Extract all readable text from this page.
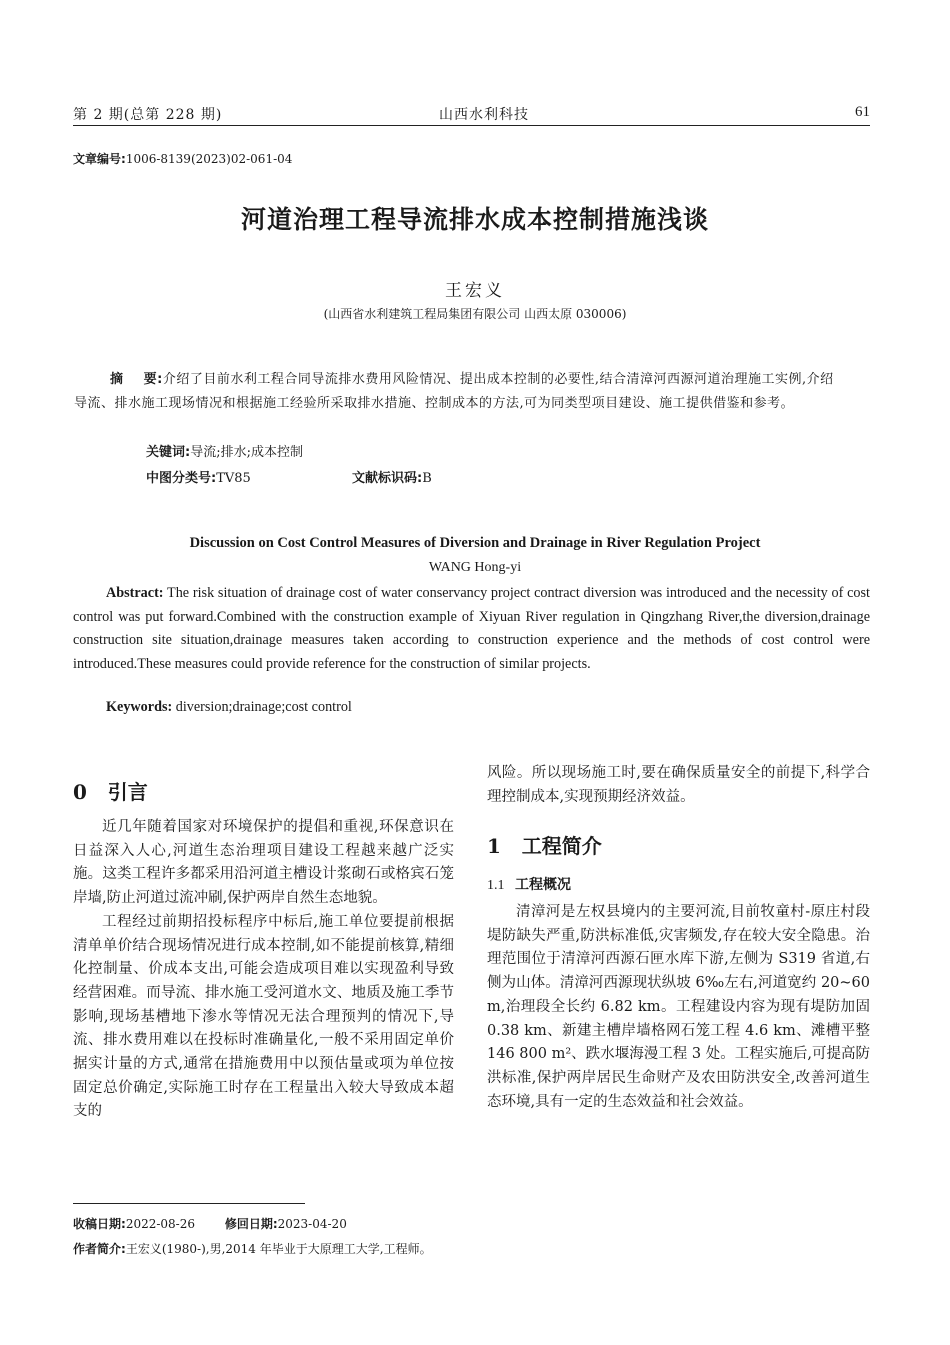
第 2 期(总第 228 期)	山西水利科技	61
文章编号:1006-8139(2023)02-061-04
河道治理工程导流排水成本控制措施浅谈
王宏义
(山西省水利建筑工程局集团有限公司 山西太原 030006)
摘    要:介绍了目前水利工程合同导流排水费用风险情况、提出成本控制的必要性,结合清漳河西源河道治理施工实例,介绍导流、排水施工现场情况和根据施工经验所采取排水措施、控制成本的方法,可为同类型项目建设、施工提供借鉴和参考。
关键词:导流;排水;成本控制
中图分类号:TV85	文献标识码:B
Discussion on Cost Control Measures of Diversion and Drainage in River Regulation Project
WANG Hong-yi

Abstract: The risk situation of drainage cost of water conservancy project contract diversion was introduced and the necessity of cost control was put forward.Combined with the construction example of Xiyuan River regulation in Qingzhang River,the diversion,drainage construction site situation,drainage measures taken according to construction experience and the methods of cost control were introduced.These measures could provide reference for the construction of similar projects.

Keywords: diversion;drainage;cost control
0   引言

近几年随着国家对环境保护的提倡和重视,环保意识在日益深入人心,河道生态治理项目建设工程越来越广泛实施。这类工程许多都采用沿河道主槽设计浆砌石或格宾石笼岸墙,防止河道过流冲刷,保护两岸自然生态地貌。

工程经过前期招投标程序中标后,施工单位要提前根据清单单价结合现场情况进行成本控制,如不能提前核算,精细化控制量、价成本支出,可能会造成项目难以实现盈利导致经营困难。而导流、排水施工受河道水文、地质及施工季节影响,现场基槽地下渗水等情况无法合理预判的情况下,导流、排水费用难以在投标时准确量化,一般不采用固定单价据实计量的方式,通常在措施费用中以预估量或项为单位按固定总价确定,实际施工时存在工程量出入较大导致成本超支的

风险。所以现场施工时,要在确保质量安全的前提下,科学合理控制成本,实现预期经济效益。
1   工程简介
1.1 工程概况

清漳河是左权县境内的主要河流,目前牧童村-原庄村段堤防缺失严重,防洪标准低,灾害频发,存在较大安全隐患。治理范围位于清漳河西源石匣水库下游,左侧为 S319 省道,右侧为山体。清漳河西源现状纵坡 6‰左右,河道宽约 20~60 m,治理段全长约 6.82 km。工程建设内容为现有堤防加固 0.38 km、新建主槽岸墙格网石笼工程 4.6 km、滩槽平整 146 800 m²、跌水堰海漫工程 3 处。工程实施后,可提高防洪标准,保护两岸居民生命财产及农田防洪安全,改善河道生态环境,具有一定的生态效益和社会效益。

收稿日期:2022-08-26 修回日期:2023-04-20
作者简介:王宏义(1980-),男,2014 年毕业于大原理工大学,工程师。
